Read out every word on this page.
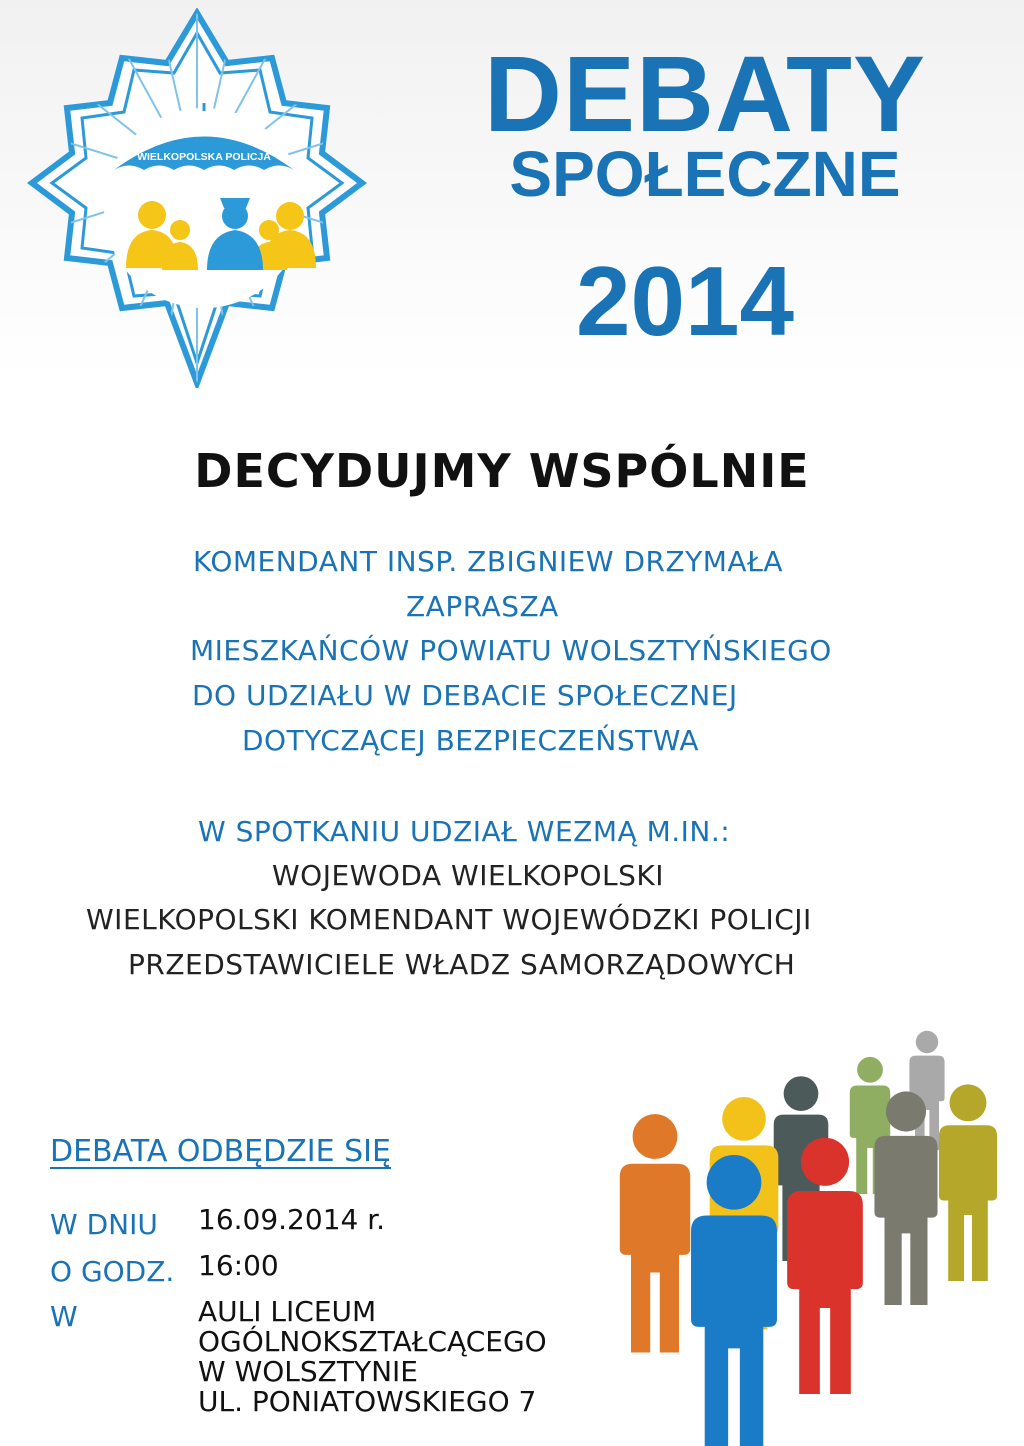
WIELKOPOLSKA POLICJA
DEBATY
SPOŁECZNE
2014
DECYDUJMY WSPÓLNIE
KOMENDANT INSP. ZBIGNIEW DRZYMAŁA
ZAPRASZA
MIESZKAŃCÓW POWIATU WOLSZTYŃSKIEGO
DO UDZIAŁU W DEBACIE SPOŁECZNEJ
DOTYCZĄCEJ BEZPIECZEŃSTWA
W SPOTKANIU UDZIAŁ WEZMĄ M.IN.:
WOJEWODA WIELKOPOLSKI
WIELKOPOLSKI KOMENDANT WOJEWÓDZKI POLICJI
PRZEDSTAWICIELE WŁADZ SAMORZĄDOWYCH
DEBATA ODBĘDZIE SIĘ
W DNIU 16.09.2014 r.
O GODZ. 16:00
W	AULI LICEUM
OGÓLNOKSZTAŁCĄCEGO
W WOLSZTYNIE
UL. PONIATOWSKIEGO 7
